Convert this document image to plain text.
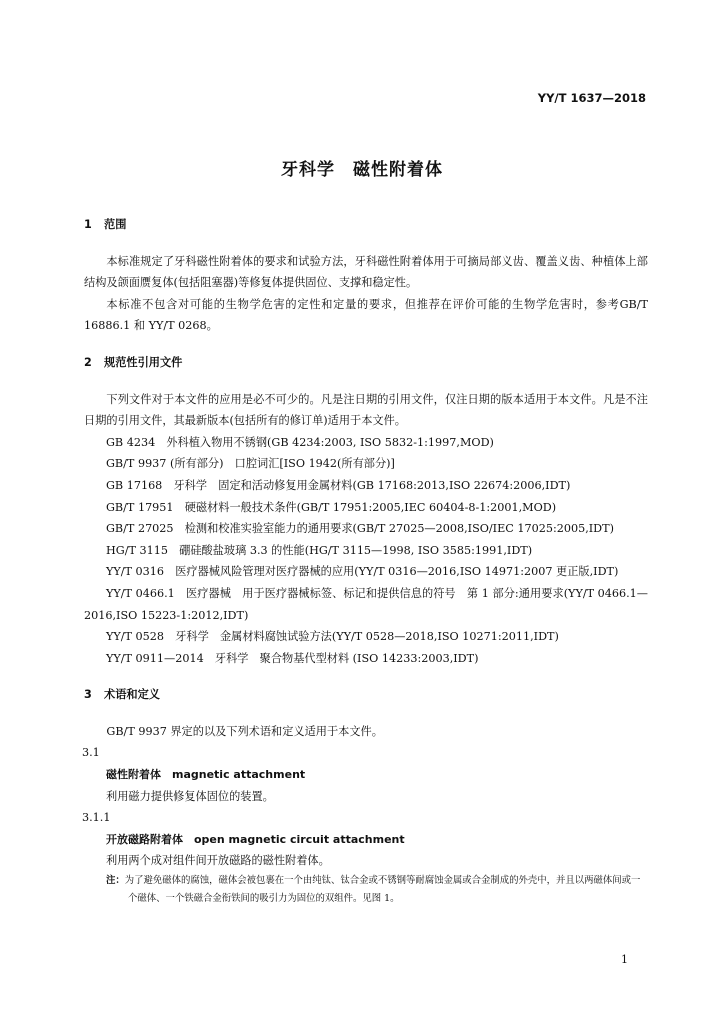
YY/T 1637—2018
牙科学　磁性附着体
1 范围

本标准规定了牙科磁性附着体的要求和试验方法，牙科磁性附着体用于可摘局部义齿、覆盖义齿、种植体上部结构及颌面赝复体(包括阻塞器)等修复体提供固位、支撑和稳定性。

本标准不包含对可能的生物学危害的定性和定量的要求，但推荐在评价可能的生物学危害时，参考GB/T 16886.1 和 YY/T 0268。

2 规范性引用文件

下列文件对于本文件的应用是必不可少的。凡是注日期的引用文件，仅注日期的版本适用于本文件。凡是不注日期的引用文件，其最新版本(包括所有的修订单)适用于本文件。

GB 4234　外科植入物用不锈钢(GB 4234:2003, ISO 5832-1:1997,MOD)

GB/T 9937 (所有部分)　口腔词汇[ISO 1942(所有部分)]

GB 17168　牙科学　固定和活动修复用金属材料(GB 17168:2013,ISO 22674:2006,IDT)

GB/T 17951　硬磁材料一般技术条件(GB/T 17951:2005,IEC 60404-8-1:2001,MOD)

GB/T 27025　检测和校准实验室能力的通用要求(GB/T 27025—2008,ISO/IEC 17025:2005,IDT)

HG/T 3115　硼硅酸盐玻璃 3.3 的性能(HG/T 3115—1998, ISO 3585:1991,IDT)

YY/T 0316　医疗器械风险管理对医疗器械的应用(YY/T 0316—2016,ISO 14971:2007 更正版,IDT)

YY/T 0466.1　医疗器械　用于医疗器械标签、标记和提供信息的符号　第 1 部分:通用要求(YY/T 0466.1—2016,ISO 15223-1:2012,IDT)

YY/T 0528　牙科学　金属材料腐蚀试验方法(YY/T 0528—2018,ISO 10271:2011,IDT)

YY/T 0911—2014　牙科学　聚合物基代型材料 (ISO 14233:2003,IDT)

3 术语和定义

GB/T 9937 界定的以及下列术语和定义适用于本文件。

3.1

磁性附着体　magnetic attachment

利用磁力提供修复体固位的装置。

3.1.1

开放磁路附着体　open magnetic circuit attachment

利用两个成对组件间开放磁路的磁性附着体。

注：为了避免磁体的腐蚀，磁体会被包裹在一个由纯钛、钛合金或不锈钢等耐腐蚀金属或合金制成的外壳中，并且以两磁体间或一个磁体、一个铁磁合金衔铁间的吸引力为固位的双组件。见图 1。

1
